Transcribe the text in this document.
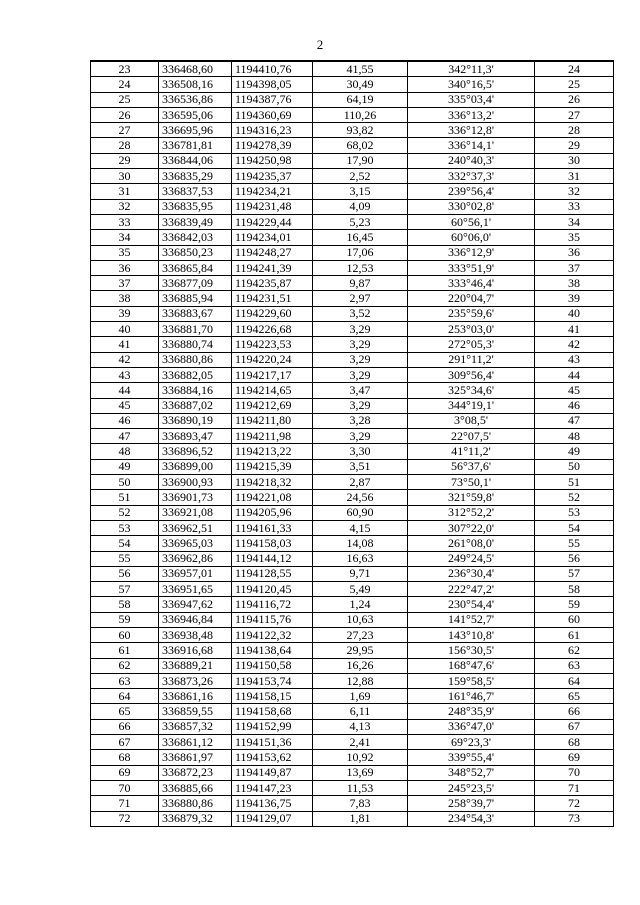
2
23	336468,60	1194410,76	41,55	342°11,3'	24
24	336508,16	1194398,05	30,49	340°16,5'	25
25	336536,86	1194387,76	64,19	335°03,4'	26
26	336595,06	1194360,69	110,26	336°13,2'	27
27	336695,96	1194316,23	93,82	336°12,8'	28
28	336781,81	1194278,39	68,02	336°14,1'	29
29	336844,06	1194250,98	17,90	240°40,3'	30
30	336835,29	1194235,37	2,52	332°37,3'	31
31	336837,53	1194234,21	3,15	239°56,4'	32
32	336835,95	1194231,48	4,09	330°02,8'	33
33	336839,49	1194229,44	5,23	60°56,1'	34
34	336842,03	1194234,01	16,45	60°06,0'	35
35	336850,23	1194248,27	17,06	336°12,9'	36
36	336865,84	1194241,39	12,53	333°51,9'	37
37	336877,09	1194235,87	9,87	333°46,4'	38
38	336885,94	1194231,51	2,97	220°04,7'	39
39	336883,67	1194229,60	3,52	235°59,6'	40
40	336881,70	1194226,68	3,29	253°03,0'	41
41	336880,74	1194223,53	3,29	272°05,3'	42
42	336880,86	1194220,24	3,29	291°11,2'	43
43	336882,05	1194217,17	3,29	309°56,4'	44
44	336884,16	1194214,65	3,47	325°34,6'	45
45	336887,02	1194212,69	3,29	344°19,1'	46
46	336890,19	1194211,80	3,28	3°08,5'	47
47	336893,47	1194211,98	3,29	22°07,5'	48
48	336896,52	1194213,22	3,30	41°11,2'	49
49	336899,00	1194215,39	3,51	56°37,6'	50
50	336900,93	1194218,32	2,87	73°50,1'	51
51	336901,73	1194221,08	24,56	321°59,8'	52
52	336921,08	1194205,96	60,90	312°52,2'	53
53	336962,51	1194161,33	4,15	307°22,0'	54
54	336965,03	1194158,03	14,08	261°08,0'	55
55	336962,86	1194144,12	16,63	249°24,5'	56
56	336957,01	1194128,55	9,71	236°30,4'	57
57	336951,65	1194120,45	5,49	222°47,2'	58
58	336947,62	1194116,72	1,24	230°54,4'	59
59	336946,84	1194115,76	10,63	141°52,7'	60
60	336938,48	1194122,32	27,23	143°10,8'	61
61	336916,68	1194138,64	29,95	156°30,5'	62
62	336889,21	1194150,58	16,26	168°47,6'	63
63	336873,26	1194153,74	12,88	159°58,5'	64
64	336861,16	1194158,15	1,69	161°46,7'	65
65	336859,55	1194158,68	6,11	248°35,9'	66
66	336857,32	1194152,99	4,13	336°47,0'	67
67	336861,12	1194151,36	2,41	69°23,3'	68
68	336861,97	1194153,62	10,92	339°55,4'	69
69	336872,23	1194149,87	13,69	348°52,7'	70
70	336885,66	1194147,23	11,53	245°23,5'	71
71	336880,86	1194136,75	7,83	258°39,7'	72
72	336879,32	1194129,07	1,81	234°54,3'	73
